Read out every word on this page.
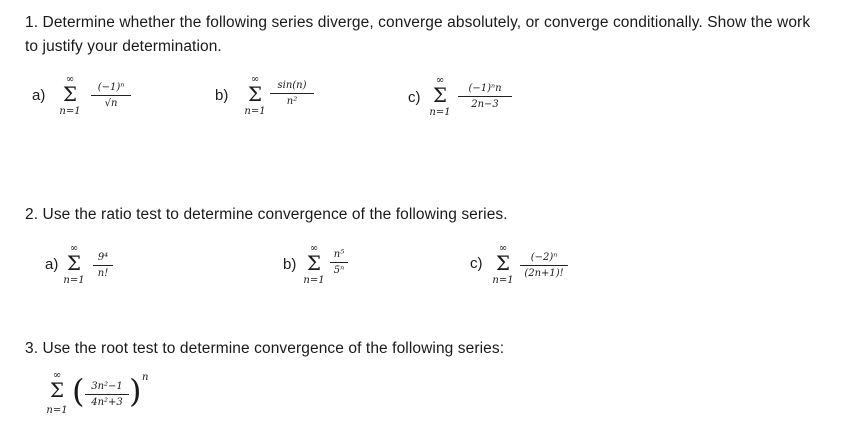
1. Determine whether the following series diverge, converge absolutely, or converge conditionally. Show the work to justify your determination.
a)
∞
Σ
n=1
(−1)ⁿ
√n	b)
∞
Σ
n=1
sin(n)
n²	c)
∞
Σ
n=1
(−1)ⁿn
2n−3
2. Use the ratio test to determine convergence of the following series.
a)
∞
Σ
n=1
9⁴
n!
b)
∞
Σ
n=1
n⁵
5ⁿ	c)
∞
Σ
n=1
(−2)ⁿ
(2n+1)!
3. Use the root test to determine convergence of the following series:
∞
Σ
n=1
( 3n²−1
4n²+3 ) n
